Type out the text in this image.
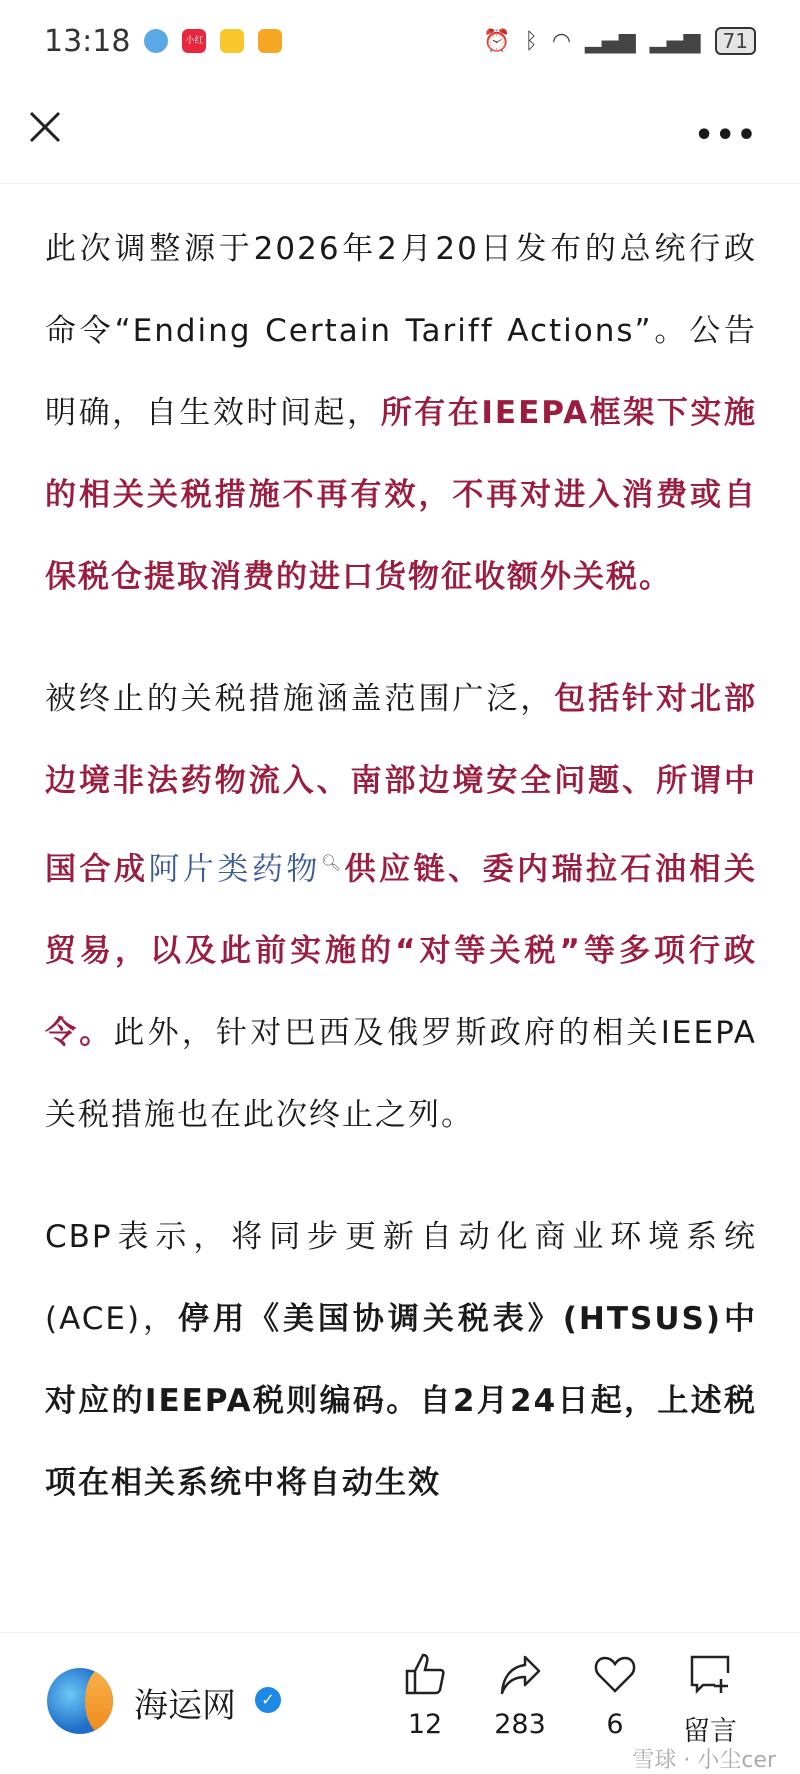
13:18	小红书
⏰ ᛒ ◠ ▂▄▆ ▂▄▆	71
•••

此次调整源于2026年2月20日发布的总统行政命令“Ending Certain Tariff Actions”。公告明确，自生效时间起，所有在IEEPA框架下实施的相关关税措施不再有效，不再对进入消费或自保税仓提取消费的进口货物征收额外关税。

被终止的关税措施涵盖范围广泛，包括针对北部边境非法药物流入、南部边境安全问题、所谓中国合成阿片类药物🔍︎供应链、委内瑞拉石油相关贸易，以及此前实施的“对等关税”等多项行政令。此外，针对巴西及俄罗斯政府的相关IEEPA关税措施也在此次终止之列。

CBP表示，将同步更新自动化商业环境系统(ACE)，停用《美国协调关税表》(HTSUS)中对应的IEEPA税则编码。自2月24日起，上述税项在相关系统中将自动生效

海运网	✓
12	283	6	留言
雪球 · 小尘cer
